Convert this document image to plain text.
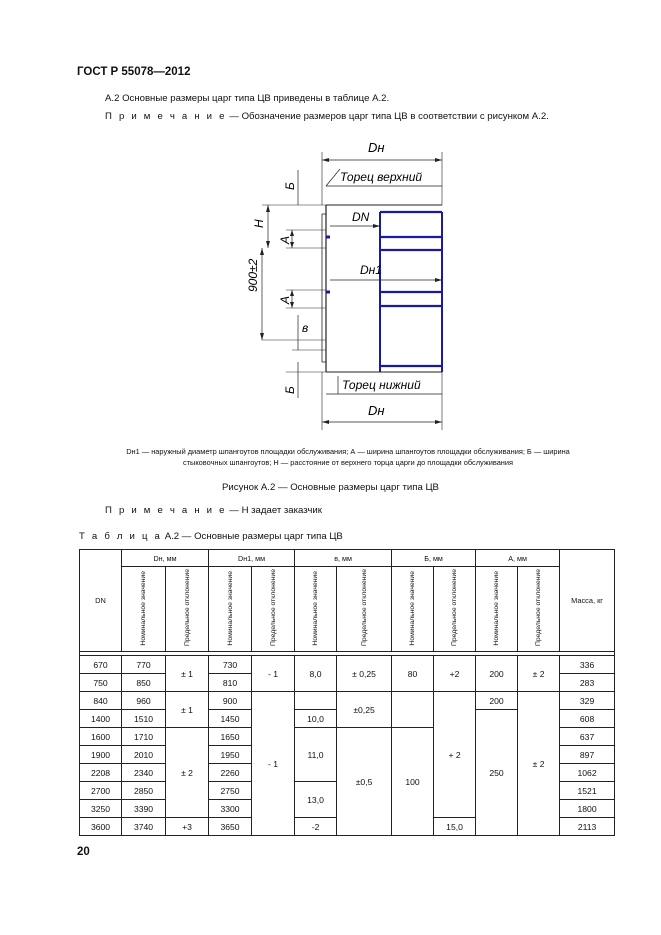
ГОСТ Р 55078—2012
А.2 Основные размеры царг типа ЦВ приведены в таблице А.2.
П р и м е ч а н и е — Обозначение размеров царг типа ЦВ в соответствии с рисунком А.2.
Dн
Торец верхний
Б
H
900±2
A
A
в
Б
DN
Dн1
Торец нижний
Dн
Dн1 — наружный диаметр шпангоутов площадки обслуживания; А — ширина шпангоутов площадки обслуживания; Б — ширина
стыковочных шпангоутов; Н — расстояние от верхнего торца царги до площадки обслуживания
Рисунок А.2 — Основные размеры царг типа ЦВ
П р и м е ч а н и е — Н задает заказчик
Т а б л и ц а А.2 — Основные размеры царг типа ЦВ
DN	Dн, мм		Dн1, мм		в, мм		Б, мм		А, мм		Масса, кг
	Номинальное значение	Предельное отклонение	Номинальное значение	Предельное отклонение	Номинальное значение	Предельное отклонение	Номинальное значение	Предельное отклонение	Номинальное значение	Предельное отклонение	

670	770	± 1	730	- 1	8,0	± 0,25	80	+2	200	± 2	336
750	850		810								283
840	960	± 1	900	- 1		±0,25		+ 2	200	± 2	329
1400	1510		1450		10,0				250		608
1600	1710	± 2	1650		11,0	±0,5	100				637
1900	2010		1950								897
2208	2340		2260								1062
2700	2850		2750		13,0						1521
3250	3390		3300								1800
3600	3740	+3	3650		-2			15,0			2113
20
